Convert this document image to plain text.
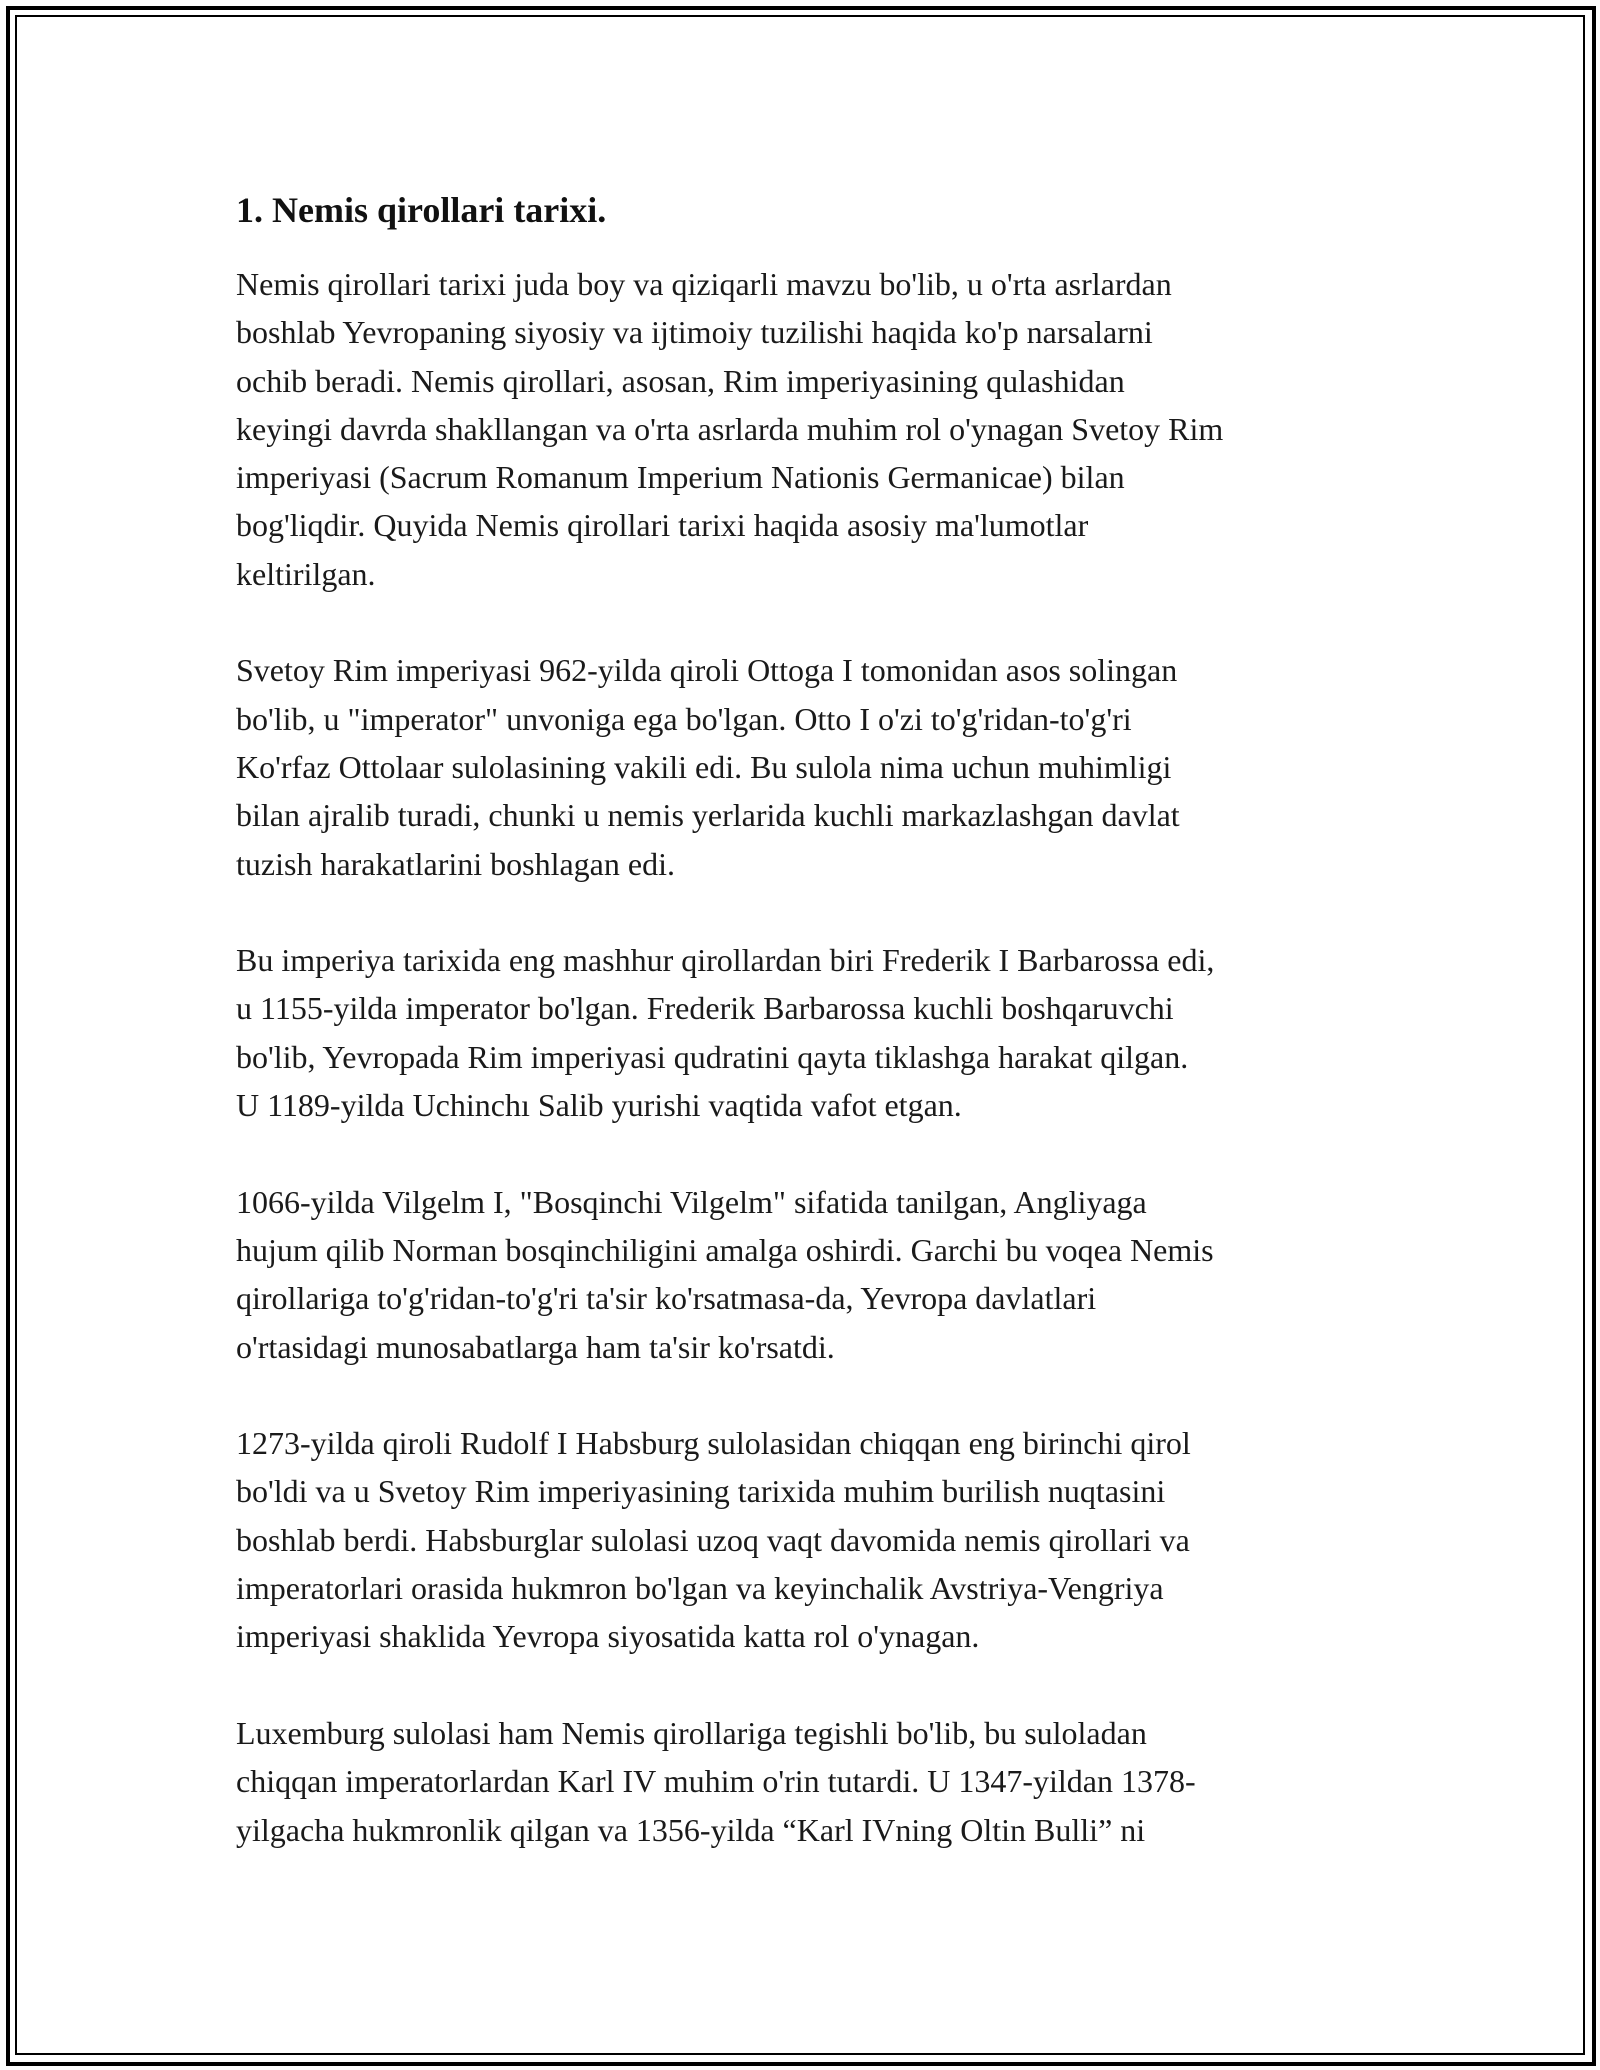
1. Nemis qirollari tarixi.

Nemis qirollari tarixi juda boy va qiziqarli mavzu bo'lib, u o'rta asrlardan
boshlab Yevropaning siyosiy va ijtimoiy tuzilishi haqida ko'p narsalarni
ochib beradi. Nemis qirollari, asosan, Rim imperiyasining qulashidan
keyingi davrda shakllangan va o'rta asrlarda muhim rol o'ynagan Svetoy Rim
imperiyasi (Sacrum Romanum Imperium Nationis Germanicae) bilan
bog'liqdir. Quyida Nemis qirollari tarixi haqida asosiy ma'lumotlar
keltirilgan.

Svetoy Rim imperiyasi 962-yilda qiroli Ottoga I tomonidan asos solingan
bo'lib, u "imperator" unvoniga ega bo'lgan. Otto I o'zi to'g'ridan-to'g'ri
Ko'rfaz Ottolaar sulolasining vakili edi. Bu sulola nima uchun muhimligi
bilan ajralib turadi, chunki u nemis yerlarida kuchli markazlashgan davlat
tuzish harakatlarini boshlagan edi.

Bu imperiya tarixida eng mashhur qirollardan biri Frederik I Barbarossa edi,
u 1155-yilda imperator bo'lgan. Frederik Barbarossa kuchli boshqaruvchi
bo'lib, Yevropada Rim imperiyasi qudratini qayta tiklashga harakat qilgan.
U 1189-yilda Uchinchı Salib yurishi vaqtida vafot etgan.

1066-yilda Vilgelm I, "Bosqinchi Vilgelm" sifatida tanilgan, Angliyaga
hujum qilib Norman bosqinchiligini amalga oshirdi. Garchi bu voqea Nemis
qirollariga to'g'ridan-to'g'ri ta'sir ko'rsatmasa-da, Yevropa davlatlari
o'rtasidagi munosabatlarga ham ta'sir ko'rsatdi.

1273-yilda qiroli Rudolf I Habsburg sulolasidan chiqqan eng birinchi qirol
bo'ldi va u Svetoy Rim imperiyasining tarixida muhim burilish nuqtasini
boshlab berdi. Habsburglar sulolasi uzoq vaqt davomida nemis qirollari va
imperatorlari orasida hukmron bo'lgan va keyinchalik Avstriya-Vengriya
imperiyasi shaklida Yevropa siyosatida katta rol o'ynagan.

Luxemburg sulolasi ham Nemis qirollariga tegishli bo'lib, bu suloladan
chiqqan imperatorlardan Karl IV muhim o'rin tutardi. U 1347-yildan 1378-
yilgacha hukmronlik qilgan va 1356-yilda “Karl IVning Oltin Bulli” ni
